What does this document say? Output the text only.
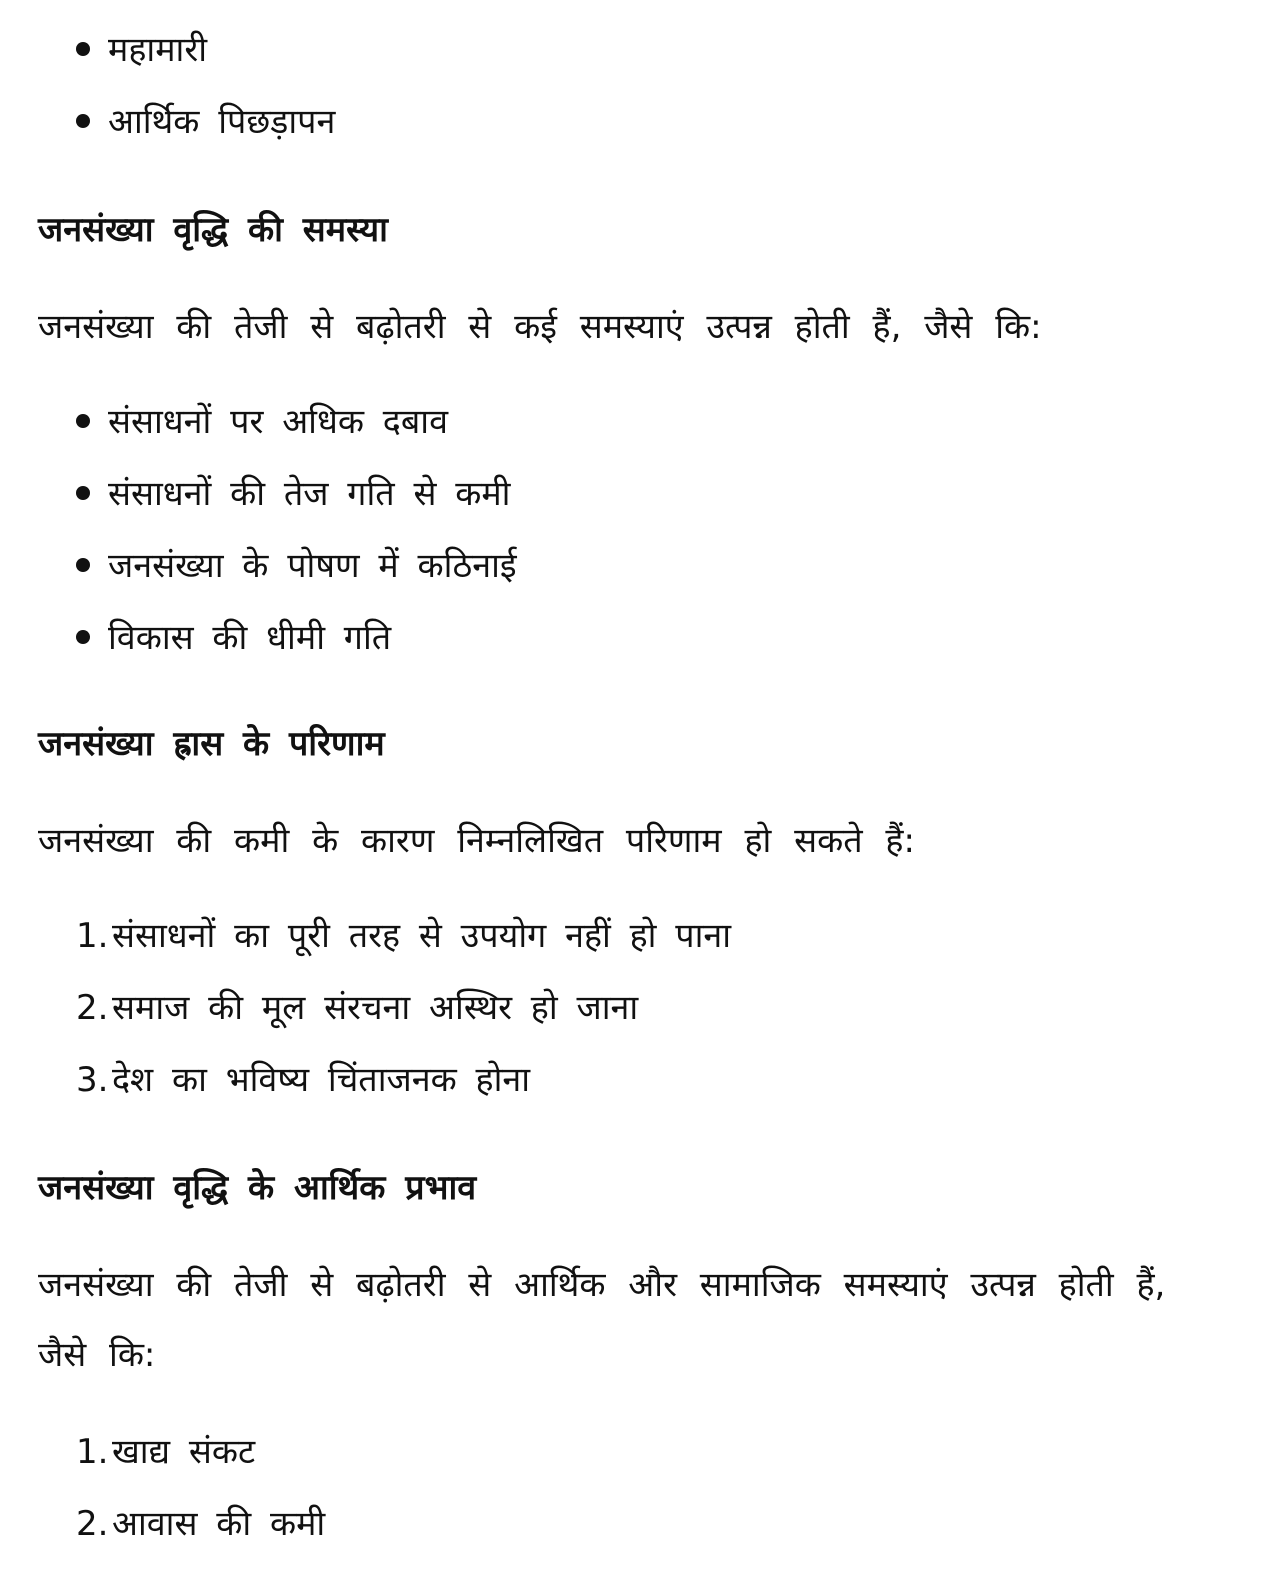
महामारी
आर्थिक पिछड़ापन
जनसंख्या वृद्धि की समस्या

जनसंख्या की तेजी से बढ़ोतरी से कई समस्याएं उत्पन्न होती हैं, जैसे कि:

संसाधनों पर अधिक दबाव
संसाधनों की तेज गति से कमी
जनसंख्या के पोषण में कठिनाई
विकास की धीमी गति
जनसंख्या ह्रास के परिणाम

जनसंख्या की कमी के कारण निम्नलिखित परिणाम हो सकते हैं:

1. संसाधनों का पूरी तरह से उपयोग नहीं हो पाना
2. समाज की मूल संरचना अस्थिर हो जाना
3. देश का भविष्य चिंताजनक होना
जनसंख्या वृद्धि के आर्थिक प्रभाव

जनसंख्या की तेजी से बढ़ोतरी से आर्थिक और सामाजिक समस्याएं उत्पन्न होती हैं, जैसे कि:

1. खाद्य संकट
2. आवास की कमी
